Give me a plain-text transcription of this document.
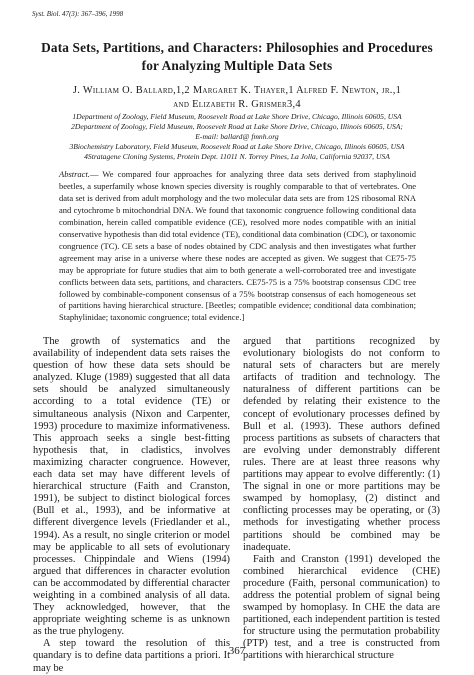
Syst. Biol. 47(3): 367–396, 1998
Data Sets, Partitions, and Characters: Philosophies and Procedures
for Analyzing Multiple Data Sets
J. William O. Ballard,1,2 Margaret K. Thayer,1 Alfred F. Newton, jr.,1
and Elizabeth R. Grismer3,4
1Department of Zoology, Field Museum, Roosevelt Road at Lake Shore Drive, Chicago, Illinois 60605, USA
2Department of Zoology, Field Museum, Roosevelt Road at Lake Shore Drive, Chicago, Illinois 60605, USA;
E-mail: ballard@ fmnh.org
3Biochemistry Laboratory, Field Museum, Roosevelt Road at Lake Shore Drive, Chicago, Illinois 60605, USA
4Stratagene Cloning Systems, Protein Dept. 11011 N. Torrey Pines, La Jolla, California 92037, USA
Abstract.— We compared four approaches for analyzing three data sets derived from staphylinoid beetles, a superfamily whose known species diversity is roughly comparable to that of vertebrates. One data set is derived from adult morphology and the two molecular data sets are from 12S ribosomal RNA and cytochrome b mitochondrial DNA. We found that taxonomic congruence following conditional data combination, herein called compatible evidence (CE), resolved more nodes compatible with an initial conservative hypothesis than did total evidence (TE), conditional data combination (CDC), or taxonomic congruence (TC). CE sets a base of nodes obtained by CDC analysis and then investigates what further agreement may arise in a universe where these nodes are accepted as given. We suggest that CE75-75 may be appropriate for future studies that aim to both generate a well-corroborated tree and investigate conflicts between data sets, partitions, and characters. CE75-75 is a 75% bootstrap consensus CDC tree followed by combinable-component consensus of a 75% bootstrap consensus of each homogeneous set of partitions having hierarchical structure. [Beetles; compatible evidence; conditional data combination; Staphylinidae; taxonomic congruence; total evidence.]

The growth of systematics and the availability of independent data sets raises the question of how these data sets should be analyzed. Kluge (1989) suggested that all data sets should be analyzed simultaneously according to a total evidence (TE) or simultaneous analysis (Nixon and Carpenter, 1993) procedure to maximize informativeness. This approach seeks a single best-fitting hypothesis that, in cladistics, involves maximizing character congruence. However, each data set may have different levels of hierarchical structure (Faith and Cranston, 1991), be subject to distinct biological forces (Bull et al., 1993), and be informative at different divergence levels (Friedlander et al., 1994). As a result, no single criterion or model may be applicable to all sets of evolutionary processes. Chippindale and Wiens (1994) argued that differences in character evolution can be accommodated by differential character weighting in a combined analysis of all data. They acknowledged, however, that the appropriate weighting scheme is as unknown as the true phylogeny.

A step toward the resolution of this quandary is to define data partitions a priori. It may be

argued that partitions recognized by evolutionary biologists do not conform to natural sets of characters but are merely artifacts of tradition and technology. The naturalness of different partitions can be defended by relating their existence to the concept of evolutionary processes defined by Bull et al. (1993). These authors defined process partitions as subsets of characters that are evolving under demonstrably different rules. There are at least three reasons why partitions may appear to evolve differently: (1) The signal in one or more partitions may be swamped by homoplasy, (2) distinct and conflicting processes may be operating, or (3) methods for investigating whether process partitions should be combined may be inadequate.

Faith and Cranston (1991) developed the combined hierarchical evidence (CHE) procedure (Faith, personal communication) to address the potential problem of signal being swamped by homoplasy. In CHE the data are partitioned, each independent partition is tested for structure using the permutation probability (PTP) test, and a tree is constructed from partitions with hierarchical structure

367
